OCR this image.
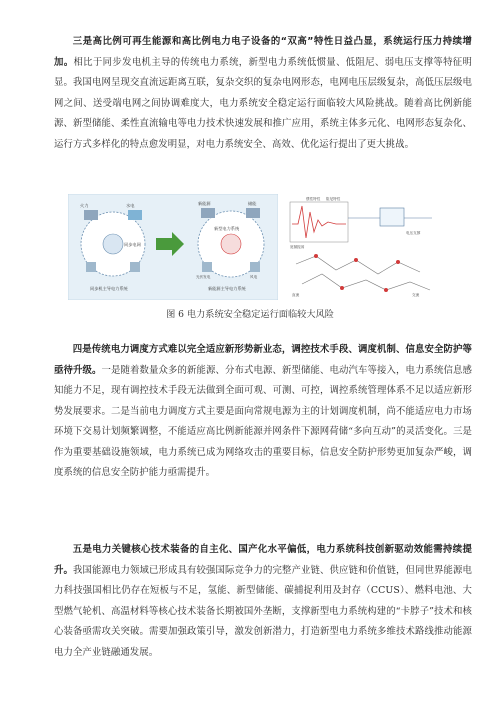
三是高比例可再生能源和高比例电力电子设备的“双高”特性日益凸显，系统运行压力持续增加。相比于同步发电机主导的传统电力系统，新型电力系统低惯量、低阻尼、弱电压支撑等特征明显。我国电网呈现交直流远距离互联，复杂交织的复杂电网形态，电网电压层级复杂，高低压层级电网之间、送受端电网之间协调难度大，电力系统安全稳定运行面临较大风险挑战。随着高比例新能源、新型储能、柔性直流输电等电力技术快速发展和推广应用，系统主体多元化、电网形态复杂化、运行方式多样化的特点愈发明显，对电力系统安全、高效、优化运行提出了更大挑战。

火力	水电
同步电网
同步机主导电力系统
新能源	储能
新型电力系统
光伏发电	风电
新能源主导电力系统
惯性特性 阻尼特性
宽频振荡
电压支撑
直流	交流
图 6 电力系统安全稳定运行面临较大风险

四是传统电力调度方式难以完全适应新形势新业态，调控技术手段、调度机制、信息安全防护等亟待升级。一是随着数量众多的新能源、分布式电源、新型储能、电动汽车等接入，电力系统信息感知能力不足，现有调控技术手段无法做到全面可观、可测、可控，调控系统管理体系不足以适应新形势发展要求。二是当前电力调度方式主要是面向常规电源为主的计划调度机制，尚不能适应电力市场环境下交易计划频繁调整，不能适应高比例新能源并网条件下源网荷储“多向互动”的灵活变化。三是作为重要基础设施领域，电力系统已成为网络攻击的重要目标，信息安全防护形势更加复杂严峻，调度系统的信息安全防护能力亟需提升。

五是电力关键核心技术装备的自主化、国产化水平偏低，电力系统科技创新驱动效能需持续提升。我国能源电力领域已形成具有较强国际竞争力的完整产业链、供应链和价值链，但同世界能源电力科技强国相比仍存在短板与不足，氢能、新型储能、碳捕捉利用及封存（CCUS）、燃料电池、大型燃气轮机、高温材料等核心技术装备长期被国外垄断，支撑新型电力系统构建的“卡脖子”技术和核心装备亟需攻关突破。需要加强政策引导，激发创新潜力，打造新型电力系统多维技术路线推动能源电力全产业链融通发展。
